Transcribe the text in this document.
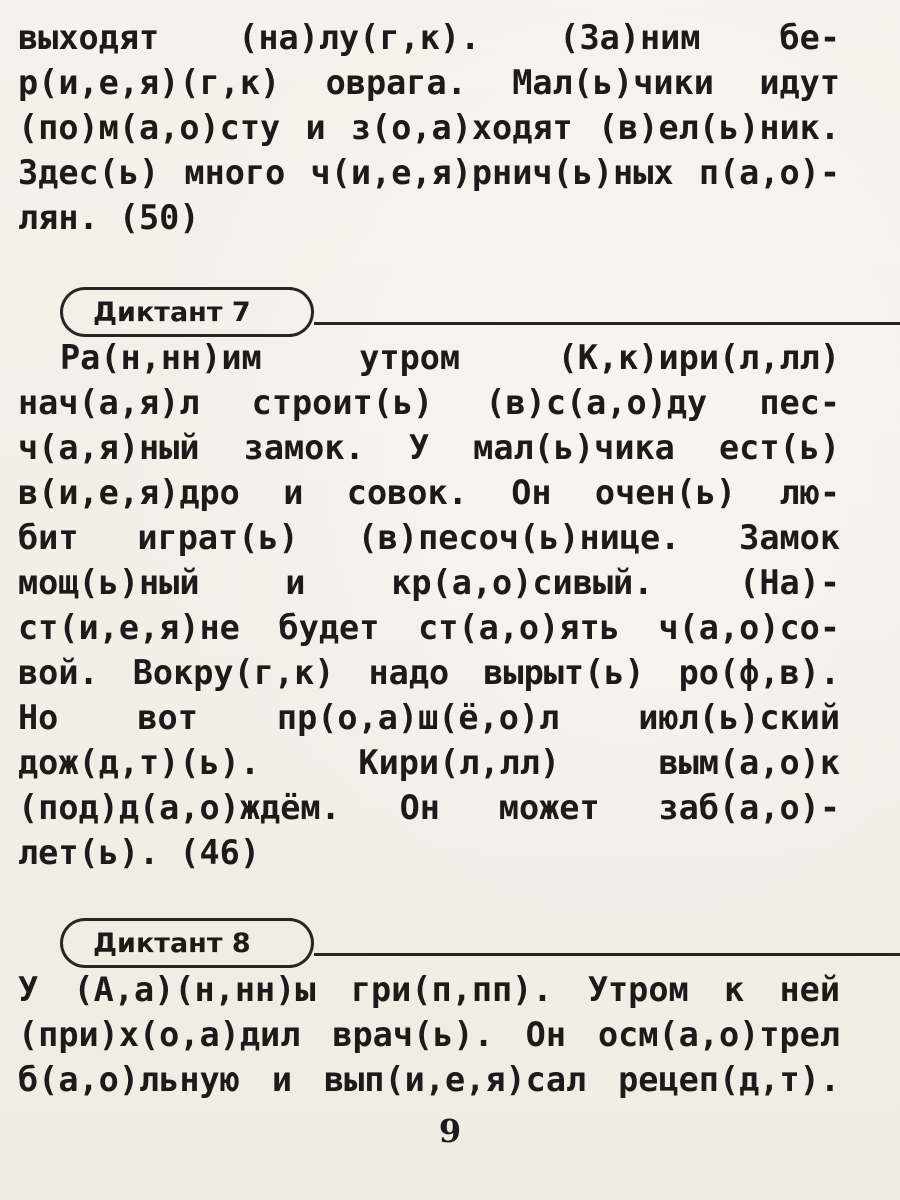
выходят (на)лу(г,к). (За)ним бе-
р(и,е,я)(г,к) оврага. Мал(ь)чики идут
(по)м(а,о)сту и з(о,а)ходят (в)ел(ь)ник.
Здес(ь) много ч(и,е,я)рнич(ь)ных п(а,о)-
лян. (50)
Диктант 7
Ра(н,нн)им утром (К,к)ири(л,лл)
нач(а,я)л строит(ь) (в)с(а,о)ду пес-
ч(а,я)ный замок. У мал(ь)чика ест(ь)
в(и,е,я)дро и совок. Он очен(ь) лю-
бит играт(ь) (в)песоч(ь)нице. Замок
мощ(ь)ный и кр(а,о)сивый. (На)-
ст(и,е,я)не будет ст(а,о)ять ч(а,о)со-
вой. Вокру(г,к) надо вырыт(ь) ро(ф,в).
Но вот пр(о,а)ш(ё,о)л июл(ь)ский
дож(д,т)(ь). Кири(л,лл) вым(а,о)к
(под)д(а,о)ждём. Он может заб(а,о)-
лет(ь). (46)
Диктант 8
У (А,а)(н,нн)ы гри(п,пп). Утром к ней
(при)х(о,а)дил врач(ь). Он осм(а,о)трел
б(а,о)льную и вып(и,е,я)сал рецеп(д,т).
9
